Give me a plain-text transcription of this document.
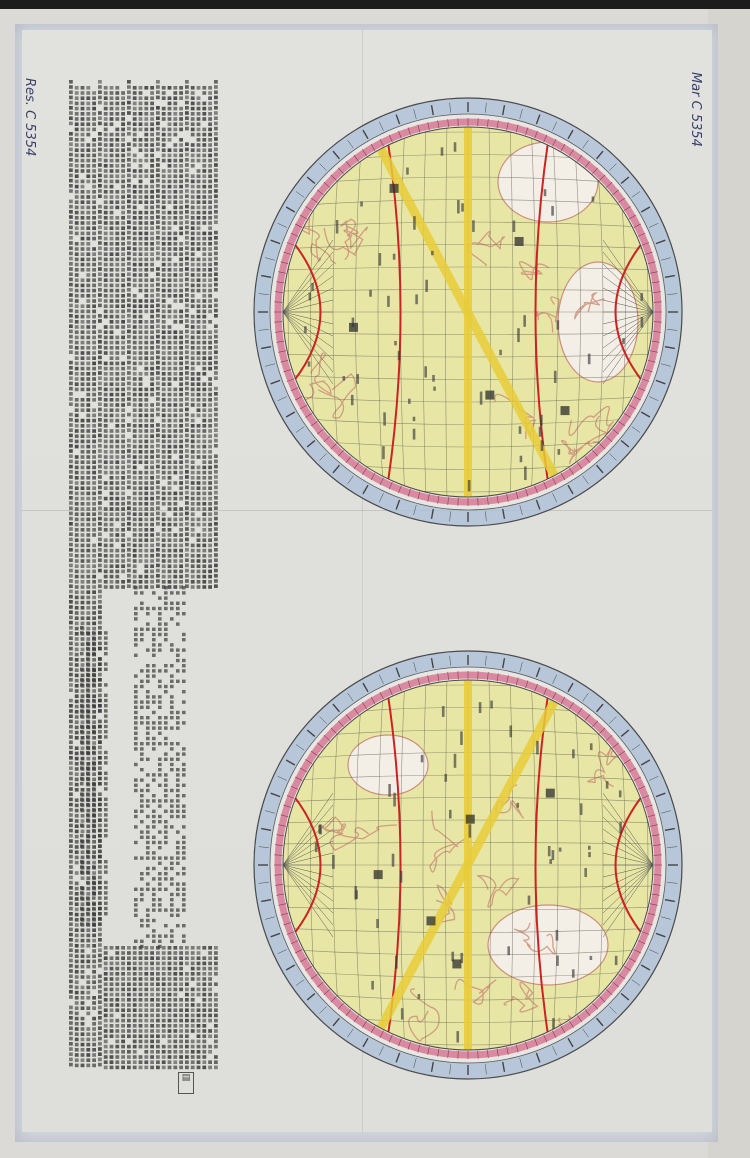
Res. C 5354	Mar C 5354
▤
